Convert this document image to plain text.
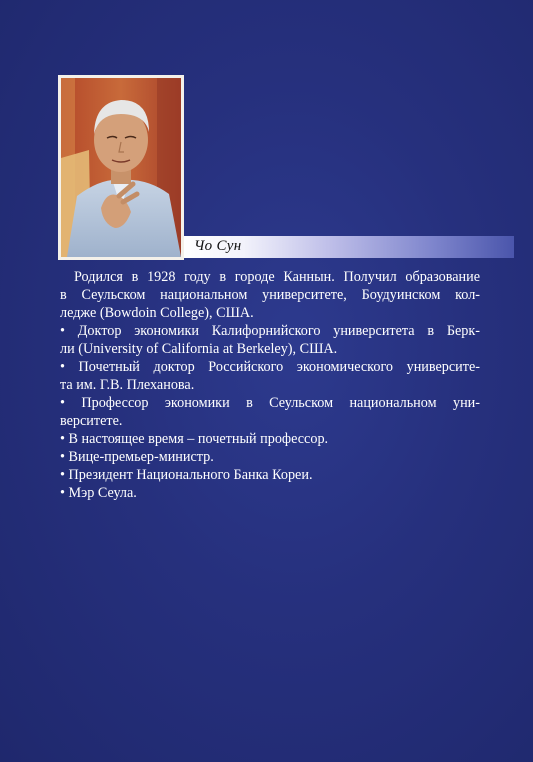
Чо Сун

Родился в 1928 году в городе Каннын. Получил образование
в Сеульском национальном университете, Боудуинском кол-
ледже (Bowdoin College), США.

• Доктор экономики Калифорнийского университета в Берк-
ли (University of California at Berkeley), США.

• Почетный доктор Российского экономического университе-
та им. Г.В. Плеханова.

• Профессор экономики в Сеульском национальном уни-
верситете.

• В настоящее время – почетный профессор.

• Вице-премьер-министр.

• Президент Национального Банка Кореи.

• Мэр Сеула.
